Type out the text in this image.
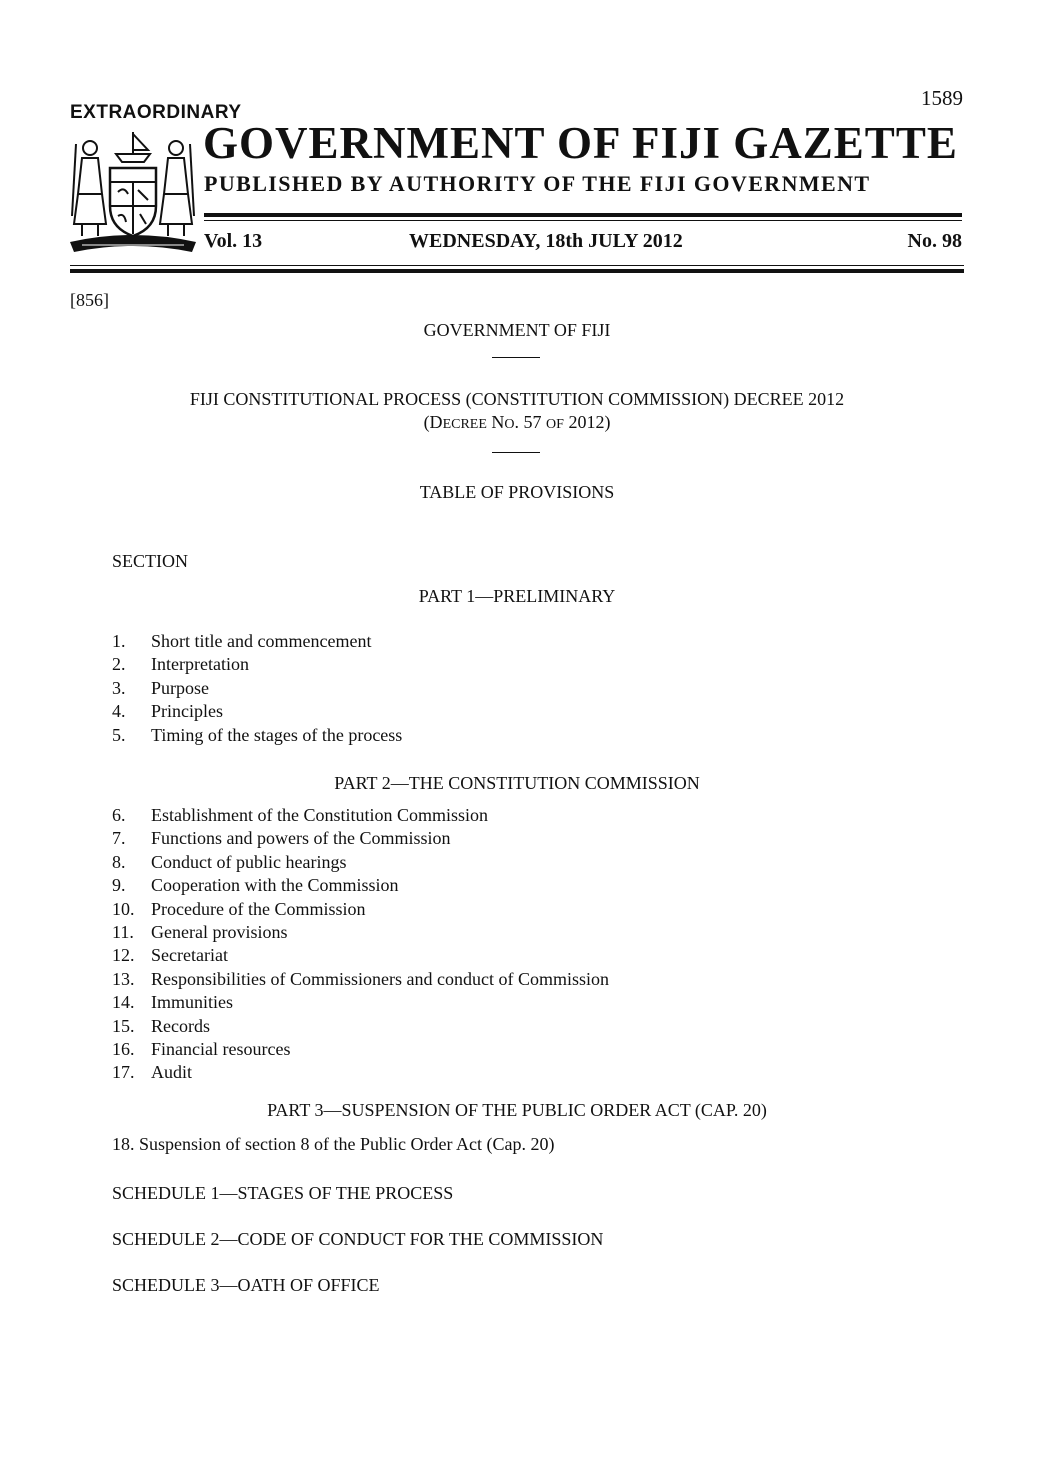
1589
EXTRAORDINARY
GOVERNMENT OF FIJI GAZETTE
PUBLISHED BY AUTHORITY OF THE FIJI GOVERNMENT
Vol. 13	WEDNESDAY, 18th JULY 2012	No. 98
[856]
GOVERNMENT OF FIJI
FIJI CONSTITUTIONAL PROCESS (CONSTITUTION COMMISSION) DECREE 2012
(DECREE NO. 57 OF 2012)
TABLE OF PROVISIONS
SECTION
PART 1—PRELIMINARY
1. Short title and commencement
2. Interpretation
3. Purpose
4. Principles
5. Timing of the stages of the process
PART 2—THE CONSTITUTION COMMISSION
6. Establishment of the Constitution Commission
7. Functions and powers of the Commission
8. Conduct of public hearings
9. Cooperation with the Commission
10. Procedure of the Commission
11. General provisions
12. Secretariat
13. Responsibilities of Commissioners and conduct of Commission
14. Immunities
15. Records
16. Financial resources
17. Audit
PART 3—SUSPENSION OF THE PUBLIC ORDER ACT (CAP. 20)
18. Suspension of section 8 of the Public Order Act (Cap. 20)
SCHEDULE 1—STAGES OF THE PROCESS
SCHEDULE 2—CODE OF CONDUCT FOR THE COMMISSION
SCHEDULE 3—OATH OF OFFICE
